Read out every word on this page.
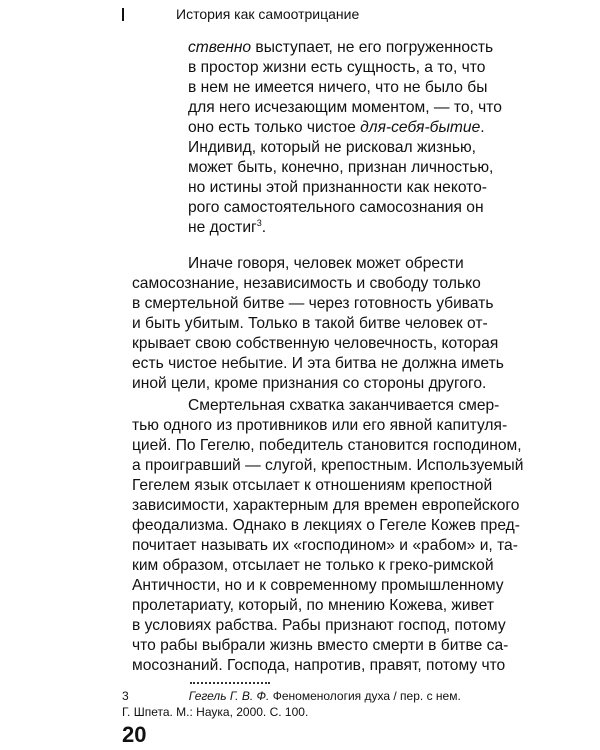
История как самоотрицание
ственно выступает, не его погруженность
в простор жизни есть сущность, а то, что
в нем не имеется ничего, что не было бы
для него исчезающим моментом, — то, что
оно есть только чистое для-себя-бытие.
Индивид, который не рисковал жизнью,
может быть, конечно, признан личностью,
но истины этой признанности как некото-
рого самостоятельного самосознания он
не достиг$^3$.
Иначе говоря, человек может обрести
самосознание, независимость и свободу только
в смертельной битве — через готовность убивать
и быть убитым. Только в такой битве человек от-
крывает свою собственную человечность, которая
есть чистое небытие. И эта битва не должна иметь
иной цели, кроме признания со стороны другого.
Смертельная схватка заканчивается смер-
тью одного из противников или его явной капитуля-
цией. По Гегелю, победитель становится господином,
а проигравший — слугой, крепостным. Используемый
Гегелем язык отсылает к отношениям крепостной
зависимости, характерным для времен европейского
феодализма. Однако в лекциях о Гегеле Кожев пред-
почитает называть их «господином» и «рабом» и, та-
ким образом, отсылает не только к греко-римской
Античности, но и к современному промышленному
пролетариату, который, по мнению Кожева, живет
в условиях рабства. Рабы признают господ, потому
что рабы выбрали жизнь вместо смерти в битве са-
мосознаний. Господа, напротив, правят, потому что
3	Гегель Г. В. Ф. Феноменология духа / пер. с нем.
Г. Шпета. М.: Наука, 2000. С. 100.
20
